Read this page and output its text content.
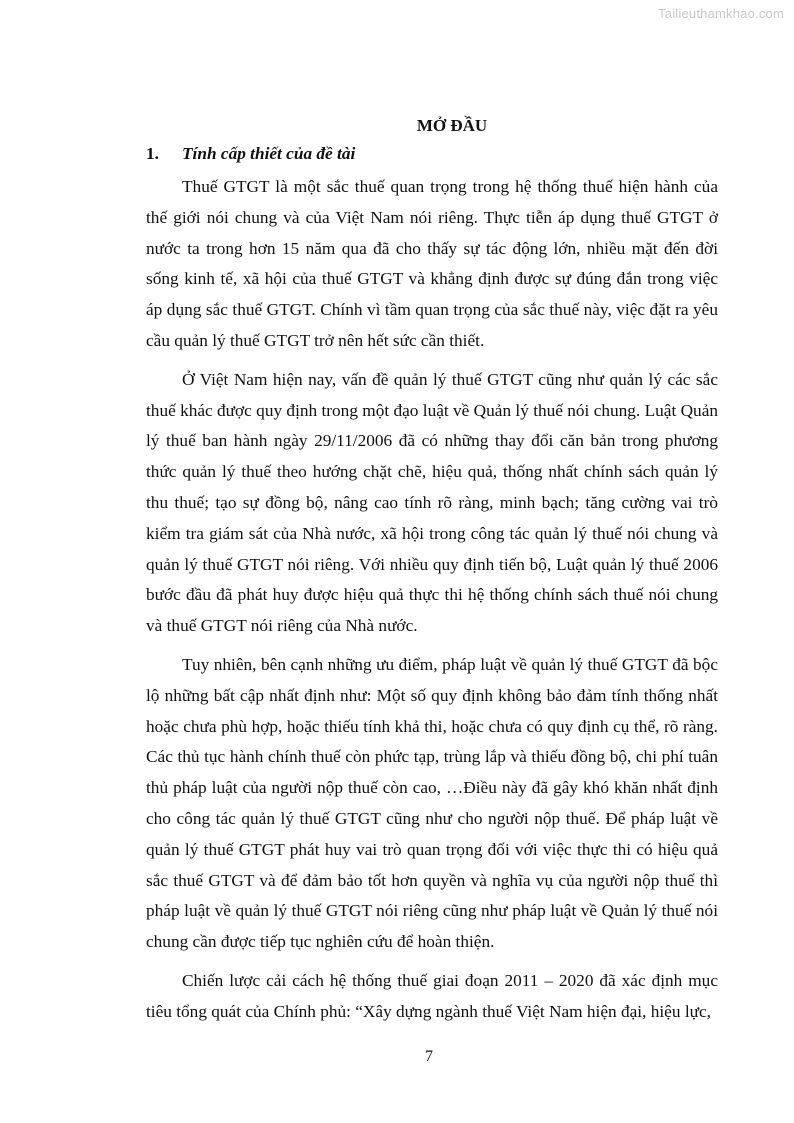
Tailieuthamkhao.com
MỞ ĐẦU
1.	Tính cấp thiết của đề tài

Thuế GTGT là một sắc thuế quan trọng trong hệ thống thuế hiện hành của thế giới nói chung và của Việt Nam nói riêng. Thực tiễn áp dụng thuế GTGT ở nước ta trong hơn 15 năm qua đã cho thấy sự tác động lớn, nhiều mặt đến đời sống kinh tế, xã hội của thuế GTGT và khẳng định được sự đúng đắn trong việc áp dụng sắc thuế GTGT. Chính vì tầm quan trọng của sắc thuế này, việc đặt ra yêu cầu quản lý thuế GTGT trở nên hết sức cần thiết.

Ở Việt Nam hiện nay, vấn đề quản lý thuế GTGT cũng như quản lý các sắc thuế khác được quy định trong một đạo luật về Quản lý thuế nói chung. Luật Quản lý thuế ban hành ngày 29/11/2006 đã có những thay đổi căn bản trong phương thức quản lý thuế theo hướng chặt chẽ, hiệu quả, thống nhất chính sách quản lý thu thuế; tạo sự đồng bộ, nâng cao tính rõ ràng, minh bạch; tăng cường vai trò kiểm tra giám sát của Nhà nước, xã hội trong công tác quản lý thuế nói chung và quản lý thuế GTGT nói riêng. Với nhiều quy định tiến bộ, Luật quản lý thuế 2006 bước đầu đã phát huy được hiệu quả thực thi hệ thống chính sách thuế nói chung và thuế GTGT nói riêng của Nhà nước.

Tuy nhiên, bên cạnh những ưu điểm, pháp luật về quản lý thuế GTGT đã bộc lộ những bất cập nhất định như: Một số quy định không bảo đảm tính thống nhất hoặc chưa phù hợp, hoặc thiếu tính khả thi, hoặc chưa có quy định cụ thể, rõ ràng. Các thủ tục hành chính thuế còn phức tạp, trùng lắp và thiếu đồng bộ, chi phí tuân thủ pháp luật của người nộp thuế còn cao, …Điều này đã gây khó khăn nhất định cho công tác quản lý thuế GTGT cũng như cho người nộp thuế. Để pháp luật về quản lý thuế GTGT phát huy vai trò quan trọng đối với việc thực thi có hiệu quả sắc thuế GTGT và để đảm bảo tốt hơn quyền và nghĩa vụ của người nộp thuế thì pháp luật về quản lý thuế GTGT nói riêng cũng như pháp luật về Quản lý thuế nói chung cần được tiếp tục nghiên cứu để hoàn thiện.

Chiến lược cải cách hệ thống thuế giai đoạn 2011 – 2020 đã xác định mục tiêu tổng quát của Chính phủ: “Xây dựng ngành thuế Việt Nam hiện đại, hiệu lực,

7
